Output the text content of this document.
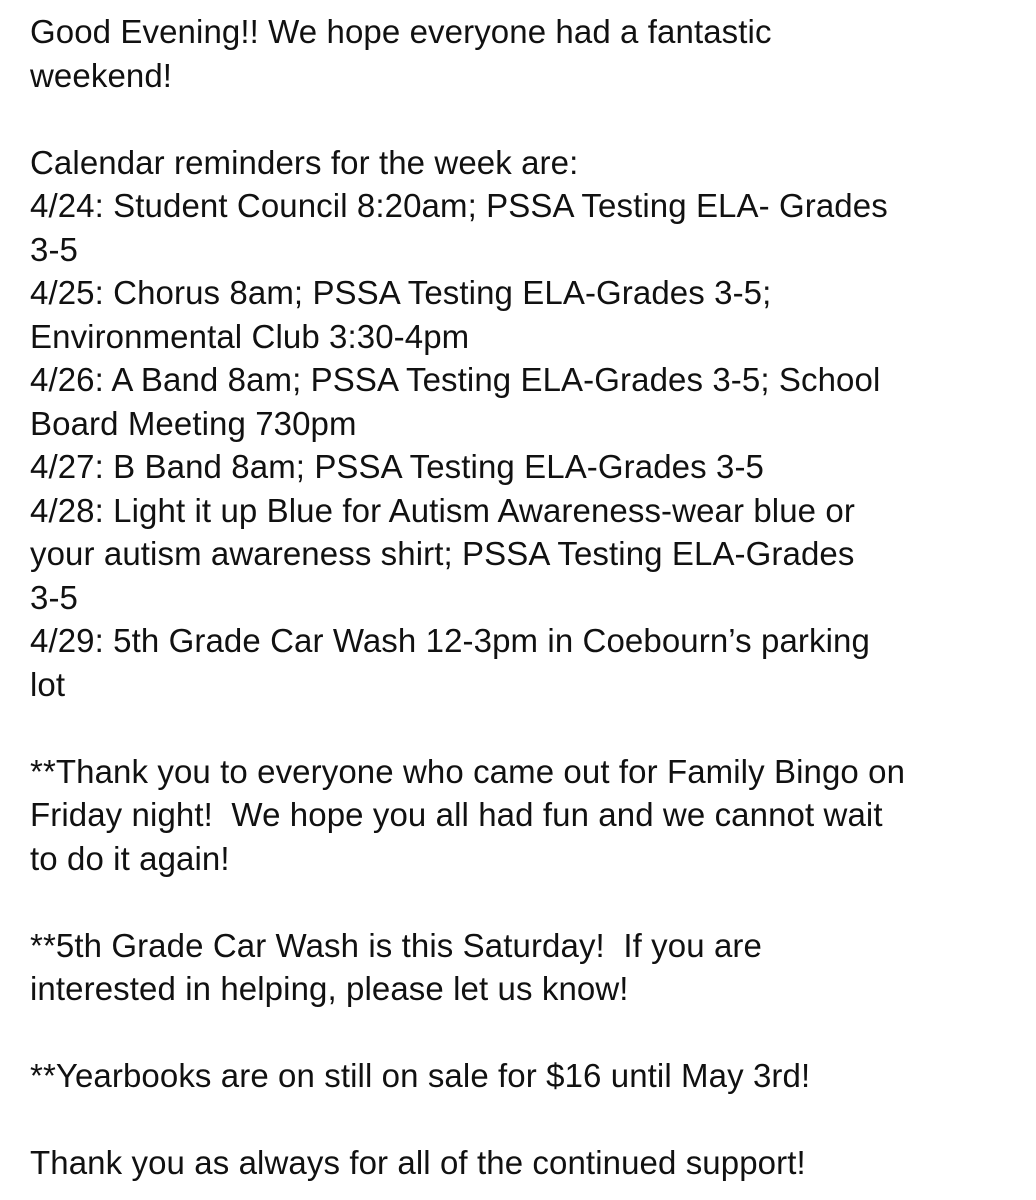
Good Evening!! We hope everyone had a fantastic
weekend!
Calendar reminders for the week are:
4/24: Student Council 8:20am; PSSA Testing ELA- Grades
3-5
4/25: Chorus 8am; PSSA Testing ELA-Grades 3-5;
Environmental Club 3:30-4pm
4/26: A Band 8am; PSSA Testing ELA-Grades 3-5; School
Board Meeting 730pm
4/27: B Band 8am; PSSA Testing ELA-Grades 3-5
4/28: Light it up Blue for Autism Awareness-wear blue or
your autism awareness shirt; PSSA Testing ELA-Grades
3-5
4/29: 5th Grade Car Wash 12-3pm in Coebourn’s parking
lot
**Thank you to everyone who came out for Family Bingo on
Friday night!  We hope you all had fun and we cannot wait
to do it again!
**5th Grade Car Wash is this Saturday!  If you are
interested in helping, please let us know!
**Yearbooks are on still on sale for $16 until May 3rd!
Thank you as always for all of the continued support!
